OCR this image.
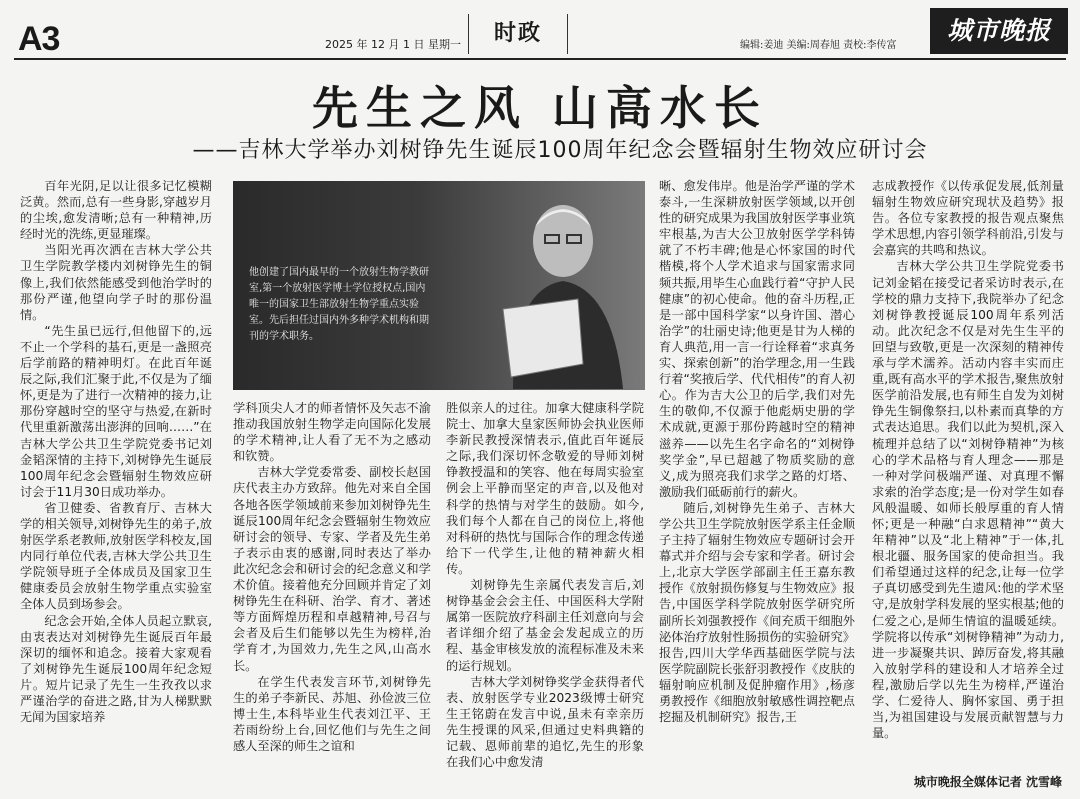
A3	2025 年 12 月 1 日 星期一	时政	编辑:姜迪 美编:周春旭 责校:李传富
城市晚报
先生之风 山高水长
——吉林大学举办刘树铮先生诞辰100周年纪念会暨辐射生物效应研讨会

百年光阴,足以让很多记忆模糊泛黄。然而,总有一些身影,穿越岁月的尘埃,愈发清晰;总有一种精神,历经时光的洗练,更显璀璨。

当阳光再次洒在吉林大学公共卫生学院教学楼内刘树铮先生的铜像上,我们依然能感受到他治学时的那份严谨,他望向学子时的那份温情。

“先生虽已远行,但他留下的,远不止一个学科的基石,更是一盏照亮后学前路的精神明灯。在此百年诞辰之际,我们汇聚于此,不仅是为了缅怀,更是为了进行一次精神的接力,让那份穿越时空的坚守与热爱,在新时代里重新激荡出澎湃的回响……”在吉林大学公共卫生学院党委书记刘金韬深情的主持下,刘树铮先生诞辰100周年纪念会暨辐射生物效应研讨会于11月30日成功举办。

省卫健委、省教育厅、吉林大学的相关领导,刘树铮先生的弟子,放射医学系老教师,放射医学科校友,国内同行单位代表,吉林大学公共卫生学院领导班子全体成员及国家卫生健康委员会放射生物学重点实验室全体人员到场参会。

纪念会开始,全体人员起立默哀,由衷表达对刘树铮先生诞辰百年最深切的缅怀和追念。接着大家观看了刘树铮先生诞辰100周年纪念短片。短片记录了先生一生孜孜以求严谨治学的奋进之路,甘为人梯默默无闻为国家培养

他创建了国内最早的一个放射生物学教研室,第一个放射医学博士学位授权点,国内唯一的国家卫生部放射生物学重点实验室。先后担任过国内外多种学术机构和期刊的学术职务。

学科顶尖人才的师者情怀及矢志不渝推动我国放射生物学走向国际化发展的学术精神,让人看了无不为之感动和钦赞。

吉林大学党委常委、副校长赵国庆代表主办方致辞。他先对来自全国各地各医学领域前来参加刘树铮先生诞辰100周年纪念会暨辐射生物效应研讨会的领导、专家、学者及先生弟子表示由衷的感谢,同时表达了举办此次纪念会和研讨会的纪念意义和学术价值。接着他充分回顾并肯定了刘树铮先生在科研、治学、育才、著述等方面辉煌历程和卓越精神,号召与会者及后生们能够以先生为榜样,治学育才,为国效力,先生之风,山高水长。

在学生代表发言环节,刘树铮先生的弟子李新民、苏旭、孙俭波三位博士生,本科毕业生代表刘江平、王若雨纷纷上台,回忆他们与先生之间感人至深的师生之谊和

胜似亲人的过往。加拿大健康科学院院士、加拿大皇家医师协会执业医师李新民教授深情表示,值此百年诞辰之际,我们深切怀念敬爱的导师刘树铮教授温和的笑容、他在每周实验室例会上平静而坚定的声音,以及他对科学的热情与对学生的鼓励。如今,我们每个人都在自己的岗位上,将他对科研的热忱与国际合作的理念传递给下一代学生,让他的精神薪火相传。

刘树铮先生亲属代表发言后,刘树铮基金会会主任、中国医科大学附属第一医院放疗科副主任刘意向与会者详细介绍了基金会发起成立的历程、基金审核发放的流程标准及未来的运行规划。

吉林大学刘树铮奖学金获得者代表、放射医学专业2023级博士研究生王铭蔚在发言中说,虽未有幸亲历先生授课的风采,但通过史料典籍的记载、恩师前辈的追忆,先生的形象在我们心中愈发清

晰、愈发伟岸。他是治学严谨的学术泰斗,一生深耕放射医学领域,以开创性的研究成果为我国放射医学事业筑牢根基,为吉大公卫放射医学学科铸就了不朽丰碑;他是心怀家国的时代楷模,将个人学术追求与国家需求同频共振,用毕生心血践行着“守护人民健康”的初心使命。他的奋斗历程,正是一部中国科学家“以身许国、潜心治学”的壮丽史诗;他更是甘为人梯的育人典范,用一言一行诠释着“求真务实、探索创新”的治学理念,用一生践行着“奖掖后学、代代相传”的育人初心。作为吉大公卫的后学,我们对先生的敬仰,不仅源于他彪炳史册的学术成就,更源于那份跨越时空的精神滋养——以先生名字命名的“刘树铮奖学金”,早已超越了物质奖励的意义,成为照亮我们求学之路的灯塔、激励我们砥砺前行的薪火。

随后,刘树铮先生弟子、吉林大学公共卫生学院放射医学系主任金顺子主持了辐射生物效应专题研讨会开幕式并介绍与会专家和学者。研讨会上,北京大学医学部副主任王嘉东教授作《放射损伤修复与生物效应》报告,中国医学科学院放射医学研究所副所长刘强教授作《间充质干细胞外泌体治疗放射性肠损伤的实验研究》报告,四川大学华西基础医学院与法医学院副院长张舒羽教授作《皮肤的辐射响应机制及促肿瘤作用》,杨彦勇教授作《细胞放射敏感性调控靶点挖掘及机制研究》报告,王

志成教授作《以传承促发展,低剂量辐射生物效应研究现状及趋势》报告。各位专家教授的报告观点聚焦学术思想,内容引领学科前沿,引发与会嘉宾的共鸣和热议。

吉林大学公共卫生学院党委书记刘金韬在接受记者采访时表示,在学校的鼎力支持下,我院举办了纪念刘树铮教授诞辰100周年系列活动。此次纪念不仅是对先生生平的回望与致敬,更是一次深刻的精神传承与学术濡养。活动内容丰实而庄重,既有高水平的学术报告,聚焦放射医学前沿发展,也有师生自发为刘树铮先生铜像祭扫,以朴素而真挚的方式表达追思。我们以此为契机,深入梳理并总结了以“刘树铮精神”为核心的学术品格与育人理念——那是一种对学问极端严谨、对真理不懈求索的治学态度;是一份对学生如春风般温暖、如师长般厚重的育人情怀;更是一种融“白求恩精神”“黄大年精神”以及“北上精神”于一体,扎根北疆、服务国家的使命担当。我们希望通过这样的纪念,让每一位学子真切感受到先生遗风:他的学术坚守,是放射学科发展的坚实根基;他的仁爱之心,是师生情谊的温暖延续。学院将以传承“刘树铮精神”为动力,进一步凝聚共识、踔厉奋发,将其融入放射学科的建设和人才培养全过程,激励后学以先生为榜样,严谨治学、仁爱待人、胸怀家国、勇于担当,为祖国建设与发展贡献智慧与力量。

城市晚报全媒体记者 沈雪峰
